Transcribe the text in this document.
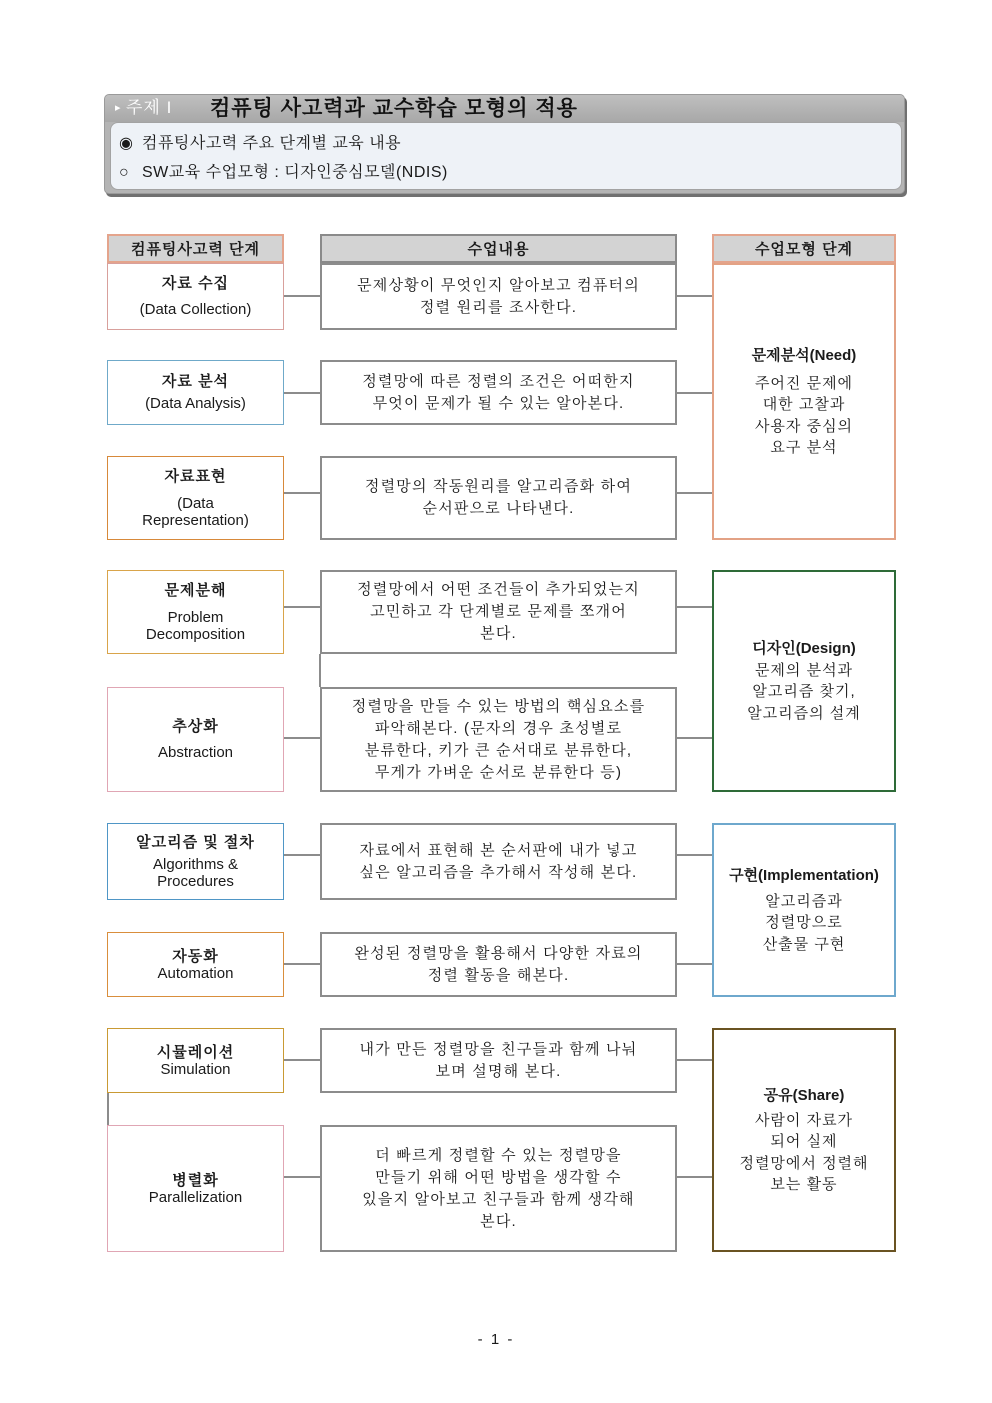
▸ 주제 I 컴퓨팅 사고력과 교수학습 모형의 적용
◉ 컴퓨팅사고력 주요 단계별 교육 내용
○ SW교육 수업모형 : 디자인중심모델(NDIS)
컴퓨팅사고력 단계	수업내용	수업모형 단계
자료 수집
(Data Collection)
자료 분석
(Data Analysis)
자료표현
(Data
Representation)
문제분해
Problem
Decomposition
추상화
Abstraction
알고리즘 및 절차
Algorithms &
Procedures
자동화
Automation
시뮬레이션
Simulation
병렬화
Parallelization
문제상황이 무엇인지 알아보고 컴퓨터의
정렬 원리를 조사한다.
정렬망에 따른 정렬의 조건은 어떠한지
무엇이 문제가 될 수 있는 알아본다.
정렬망의 작동원리를 알고리즘화 하여
순서판으로 나타낸다.
정렬망에서 어떤 조건들이 추가되었는지
고민하고 각 단계별로 문제를 쪼개어
본다.
정렬망을 만들 수 있는 방법의 핵심요소를
파악해본다. (문자의 경우 초성별로
분류한다, 키가 큰 순서대로 분류한다,
무게가 가벼운 순서로 분류한다 등)
자료에서 표현해 본 순서판에 내가 넣고
싶은 알고리즘을 추가해서 작성해 본다.
완성된 정렬망을 활용해서 다양한 자료의
정렬 활동을 해본다.
내가 만든 정렬망을 친구들과 함께 나눠
보며 설명해 본다.
더 빠르게 정렬할 수 있는 정렬망을
만들기 위해 어떤 방법을 생각할 수
있을지 알아보고 친구들과 함께 생각해
본다.
문제분석(Need)
주어진 문제에
대한 고찰과
사용자 중심의
요구 분석
디자인(Design)
문제의 분석과
알고리즘 찾기,
알고리즘의 설계
구현(Implementation)
알고리즘과
정렬망으로
산출물 구현
공유(Share)
사람이 자료가
되어 실제
정렬망에서 정렬해
보는 활동
- 1 -
